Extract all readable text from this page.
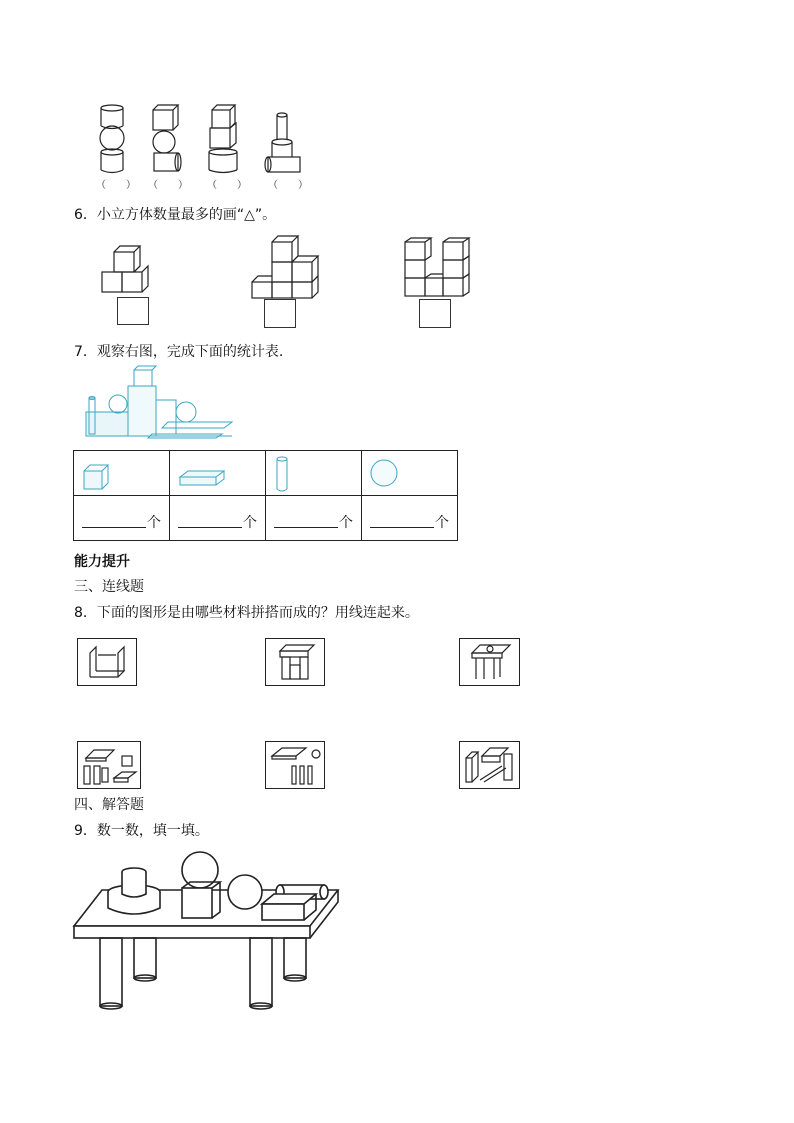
（　　） （　　） （　　） （　　）
6．小立方体数量最多的画“△”。
7．观察右图，完成下面的统计表.

个	个	个	个
能力提升
三、连线题
8．下面的图形是由哪些材料拼搭而成的？用线连起来。
四、解答题
9．数一数，填一填。
